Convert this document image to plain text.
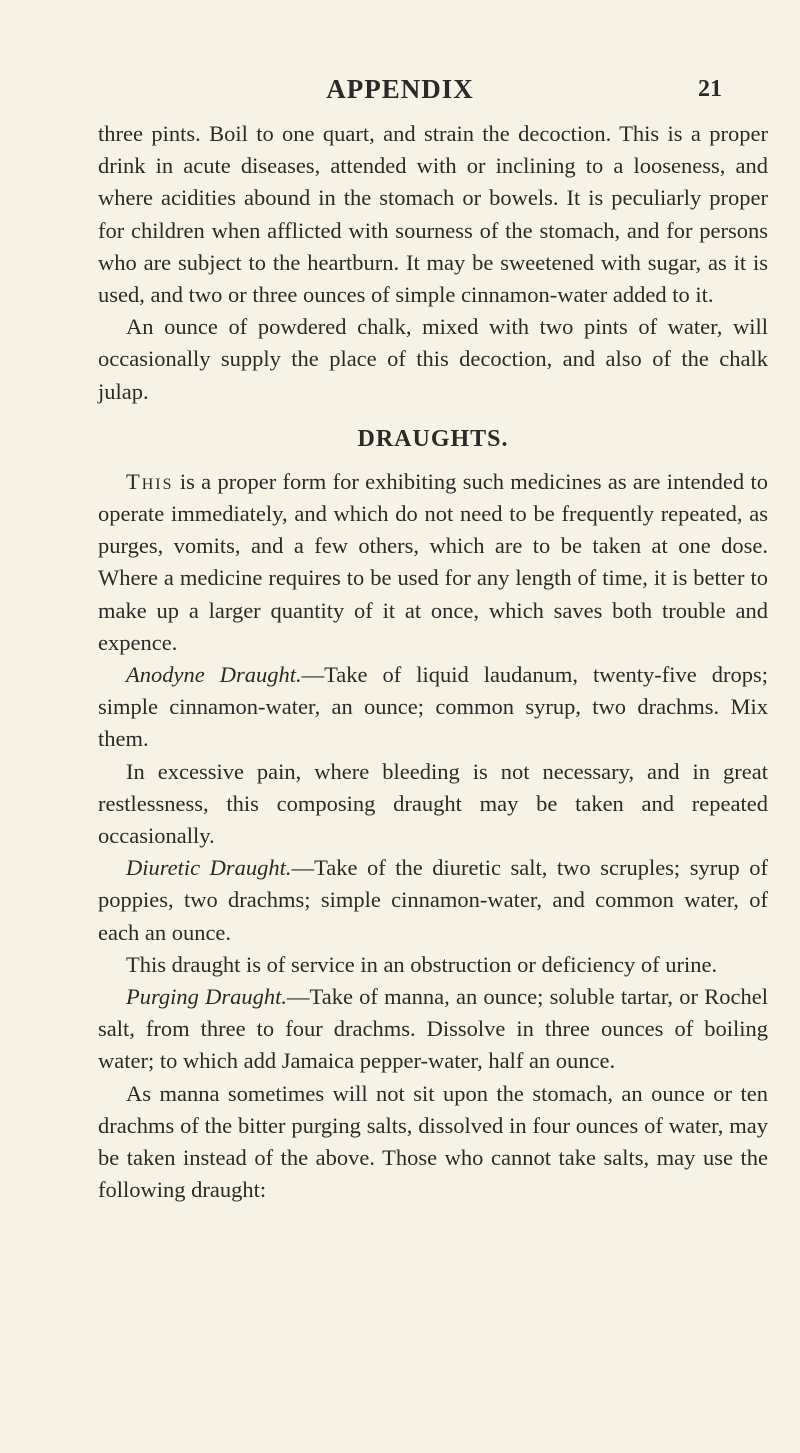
APPENDIX	21

three pints. Boil to one quart, and strain the decoction. This is a proper drink in acute diseases, attended with or inclining to a looseness, and where acidities abound in the stomach or bowels. It is peculiarly proper for children when afflicted with sourness of the stomach, and for persons who are subject to the heartburn. It may be sweetened with sugar, as it is used, and two or three ounces of simple cinnamon-water added to it.

An ounce of powdered chalk, mixed with two pints of water, will occasionally supply the place of this decoction, and also of the chalk julap.

DRAUGHTS.

This is a proper form for exhibiting such medicines as are intended to operate immediately, and which do not need to be frequently repeated, as purges, vomits, and a few others, which are to be taken at one dose. Where a medicine requires to be used for any length of time, it is better to make up a larger quantity of it at once, which saves both trouble and expence.

Anodyne Draught.—Take of liquid laudanum, twenty-five drops; simple cinnamon-water, an ounce; common syrup, two drachms. Mix them.

In excessive pain, where bleeding is not necessary, and in great restlessness, this composing draught may be taken and repeated occasionally.

Diuretic Draught.—Take of the diuretic salt, two scruples; syrup of poppies, two drachms; simple cinnamon-water, and common water, of each an ounce.

This draught is of service in an obstruction or deficiency of urine.

Purging Draught.—Take of manna, an ounce; soluble tartar, or Rochel salt, from three to four drachms. Dissolve in three ounces of boiling water; to which add Jamaica pepper-water, half an ounce.

As manna sometimes will not sit upon the stomach, an ounce or ten drachms of the bitter purging salts, dissolved in four ounces of water, may be taken instead of the above. Those who cannot take salts, may use the following draught:
